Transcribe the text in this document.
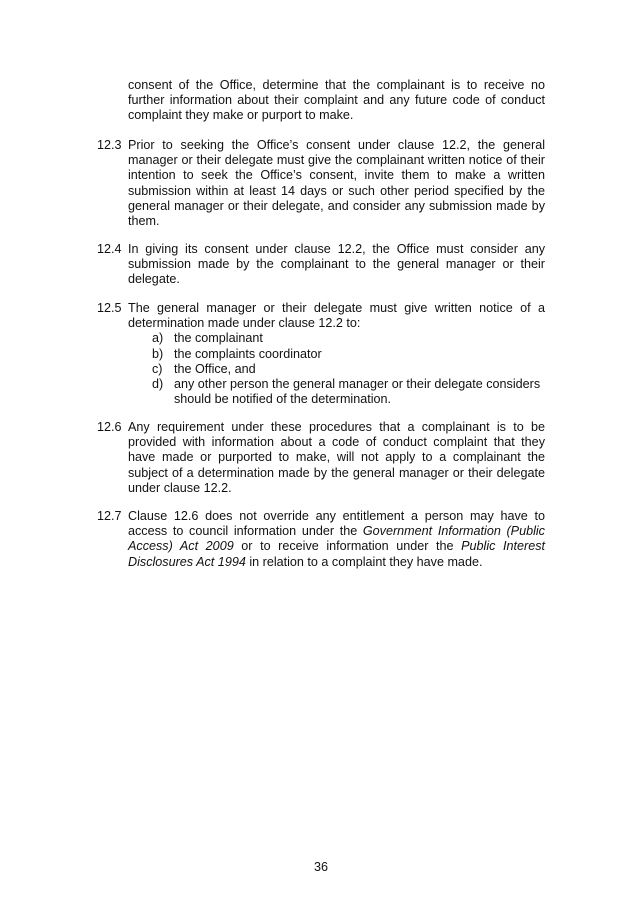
consent of the Office, determine that the complainant is to receive no further information about their complaint and any future code of conduct complaint they make or purport to make.
12.3 Prior to seeking the Office’s consent under clause 12.2, the general manager or their delegate must give the complainant written notice of their intention to seek the Office’s consent, invite them to make a written submission within at least 14 days or such other period specified by the general manager or their delegate, and consider any submission made by them.
12.4 In giving its consent under clause 12.2, the Office must consider any submission made by the complainant to the general manager or their delegate.
12.5 The general manager or their delegate must give written notice of a determination made under clause 12.2 to:
a) the complainant
b) the complaints coordinator
c) the Office, and
d) any other person the general manager or their delegate considers should be notified of the determination.
12.6 Any requirement under these procedures that a complainant is to be provided with information about a code of conduct complaint that they have made or purported to make, will not apply to a complainant the subject of a determination made by the general manager or their delegate under clause 12.2.
12.7 Clause 12.6 does not override any entitlement a person may have to access to council information under the Government Information (Public Access) Act 2009 or to receive information under the Public Interest Disclosures Act 1994 in relation to a complaint they have made.
36
